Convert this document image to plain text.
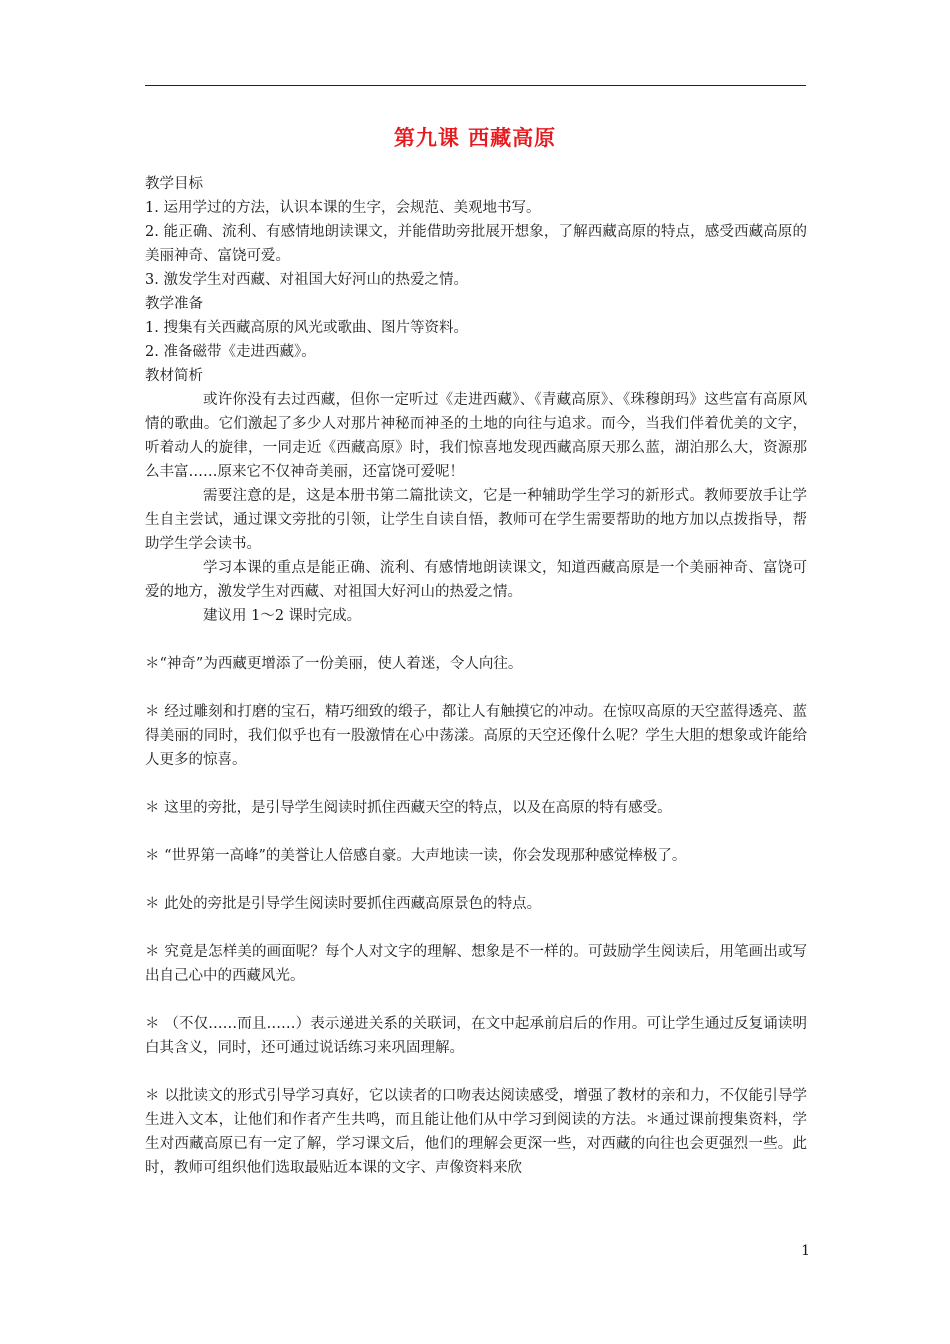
第九课 西藏高原
教学目标
1. 运用学过的方法，认识本课的生字，会规范、美观地书写。
2. 能正确、流利、有感情地朗读课文，并能借助旁批展开想象，了解西藏高原的特点，感受西藏高原的美丽神奇、富饶可爱。
3. 激发学生对西藏、对祖国大好河山的热爱之情。
教学准备
1. 搜集有关西藏高原的风光或歌曲、图片等资料。
2. 准备磁带《走进西藏》。
教材简析
或许你没有去过西藏，但你一定听过《走进西藏》、《青藏高原》、《珠穆朗玛》这些富有高原风情的歌曲。它们激起了多少人对那片神秘而神圣的土地的向往与追求。而今，当我们伴着优美的文字，听着动人的旋律，一同走近《西藏高原》时，我们惊喜地发现西藏高原天那么蓝，湖泊那么大，资源那么丰富……原来它不仅神奇美丽，还富饶可爱呢！
需要注意的是，这是本册书第二篇批读文，它是一种辅助学生学习的新形式。教师要放手让学生自主尝试，通过课文旁批的引领，让学生自读自悟，教师可在学生需要帮助的地方加以点拨指导，帮助学生学会读书。
学习本课的重点是能正确、流利、有感情地朗读课文，知道西藏高原是一个美丽神奇、富饶可爱的地方，激发学生对西藏、对祖国大好河山的热爱之情。
建议用 1～2 课时完成。
＊“神奇”为西藏更增添了一份美丽，使人着迷，令人向往。
＊ 经过雕刻和打磨的宝石，精巧细致的缎子，都让人有触摸它的冲动。在惊叹高原的天空蓝得透亮、蓝得美丽的同时，我们似乎也有一股激情在心中荡漾。高原的天空还像什么呢？学生大胆的想象或许能给人更多的惊喜。
＊ 这里的旁批，是引导学生阅读时抓住西藏天空的特点，以及在高原的特有感受。
＊ “世界第一高峰”的美誉让人倍感自豪。大声地读一读，你会发现那种感觉棒极了。
＊ 此处的旁批是引导学生阅读时要抓住西藏高原景色的特点。
＊ 究竟是怎样美的画面呢？每个人对文字的理解、想象是不一样的。可鼓励学生阅读后，用笔画出或写出自己心中的西藏风光。
＊ （不仅……而且……）表示递进关系的关联词，在文中起承前启后的作用。可让学生通过反复诵读明白其含义，同时，还可通过说话练习来巩固理解。
＊ 以批读文的形式引导学习真好，它以读者的口吻表达阅读感受，增强了教材的亲和力，不仅能引导学生进入文本，让他们和作者产生共鸣，而且能让他们从中学习到阅读的方法。＊通过课前搜集资料，学生对西藏高原已有一定了解，学习课文后，他们的理解会更深一些，对西藏的向往也会更强烈一些。此时，教师可组织他们选取最贴近本课的文字、声像资料来欣
1
